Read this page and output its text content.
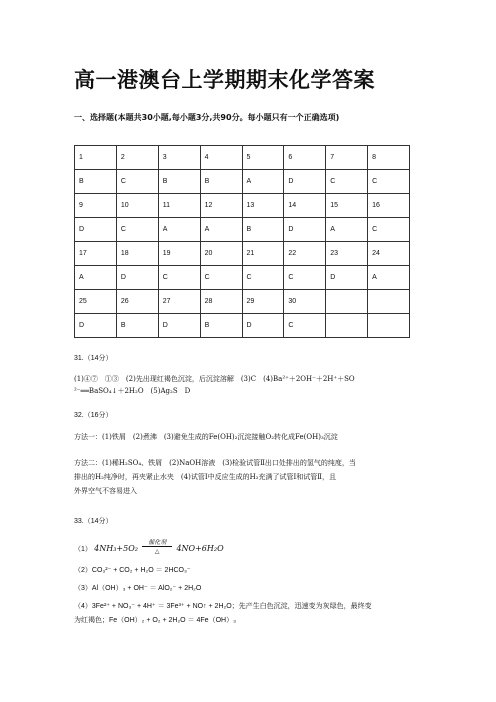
高一港澳台上学期期末化学答案
一、选择题(本题共30小题,每小题3分,共90分。每小题只有一个正确选项)
1	2	3	4	5	6	7	8
B	C	B	B	A	D	C	C
9	10	11	12	13	14	15	16
D	C	A	A	B	D	A	C
17	18	19	20	21	22	23	24
A	D	C	C	C	C	D	A
25	26	27	28	29	30		
D	B	D	B	D	C		
31.（14分）
(1)④⑦　①③　(2)先出现红褐色沉淀，后沉淀溶解　(3)C　(4)Ba²⁺＋2OH⁻＋2H⁺＋SO
²⁻══BaSO₄↓＋2H₂O　(5)Ag₂S　D
32.（16分）
方法一：(1)铁屑　(2)煮沸　(3)避免生成的Fe(OH)₂沉淀接触O₂转化成Fe(OH)₃沉淀
方法二：(1)稀H₂SO₄、铁屑　(2)NaOH溶液　(3)检验试管Ⅱ出口处排出的氢气的纯度，当
排出的H₂纯净时，再夹紧止水夹　(4)试管Ⅰ中反应生成的H₂充满了试管Ⅰ和试管Ⅱ，且
外界空气不容易进入
33.（14分）
（1） 4NH₃+5O₂
催化剂
△	4NO+6H₂O
（2）CO₃²⁻ + CO₂ + H₂O ＝ 2HCO₃⁻
（3）Al（OH）₃ + OH⁻ ＝ AlO₂⁻ + 2H₂O
（4）3Fe²⁺ + NO₃⁻ + 4H⁺ ＝ 3Fe³⁺ + NO↑ + 2H₂O；先产生白色沉淀，迅速变为灰绿色，最终变
为红褐色；Fe（OH）₂ + O₂ + 2H₂O ＝ 4Fe（OH）₃
